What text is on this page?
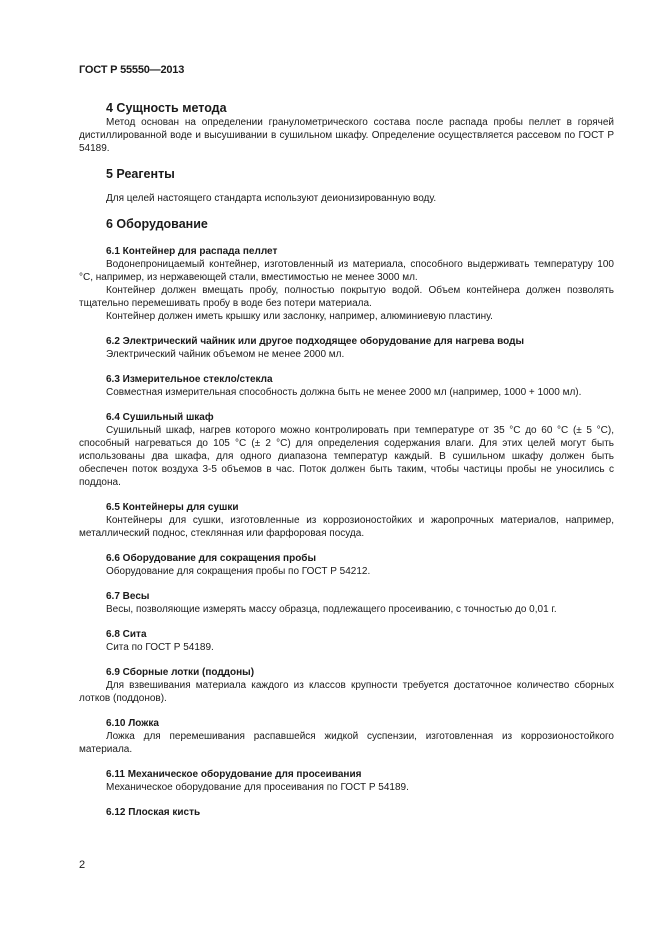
ГОСТ Р 55550—2013
4 Сущность метода

Метод основан на определении гранулометрического состава после распада пробы пеллет в горячей дистиллированной воде и высушивании в сушильном шкафу. Определение осуществляется рассевом по ГОСТ Р 54189.

5 Реагенты

Для целей настоящего стандарта используют деионизированную воду.

6 Оборудование
6.1 Контейнер для распада пеллет

Водонепроницаемый контейнер, изготовленный из материала, способного выдерживать температуру 100 °С, например, из нержавеющей стали, вместимостью не менее 3000 мл.

Контейнер должен вмещать пробу, полностью покрытую водой. Объем контейнера должен позволять тщательно перемешивать пробу в воде без потери материала.

Контейнер должен иметь крышку или заслонку, например, алюминиевую пластину.

6.2 Электрический чайник или другое подходящее оборудование для нагрева воды

Электрический чайник объемом не менее 2000 мл.

6.3 Измерительное стекло/стекла

Совместная измерительная способность должна быть не менее 2000 мл (например, 1000 + 1000 мл).

6.4 Сушильный шкаф

Сушильный шкаф, нагрев которого можно контролировать при температуре от 35 °С до 60 °С (± 5 °С), способный нагреваться до 105 °С (± 2 °С) для определения содержания влаги. Для этих целей могут быть использованы два шкафа, для одного диапазона температур каждый. В сушильном шкафу должен быть обеспечен поток воздуха 3-5 объемов в час. Поток должен быть таким, чтобы частицы пробы не уносились с поддона.

6.5 Контейнеры для сушки

Контейнеры для сушки, изготовленные из коррозионостойких и жаропрочных материалов, например, металлический поднос, стеклянная или фарфоровая посуда.

6.6 Оборудование для сокращения пробы

Оборудование для сокращения пробы по ГОСТ Р 54212.

6.7 Весы

Весы, позволяющие измерять массу образца, подлежащего просеиванию, с точностью до 0,01 г.

6.8 Сита

Сита по ГОСТ Р 54189.

6.9 Сборные лотки (поддоны)

Для взвешивания материала каждого из классов крупности требуется достаточное количество сборных лотков (поддонов).

6.10 Ложка

Ложка для перемешивания распавшейся жидкой суспензии, изготовленная из коррозионостойкого материала.

6.11 Механическое оборудование для просеивания

Механическое оборудование для просеивания по ГОСТ Р 54189.

6.12 Плоская кисть
2
